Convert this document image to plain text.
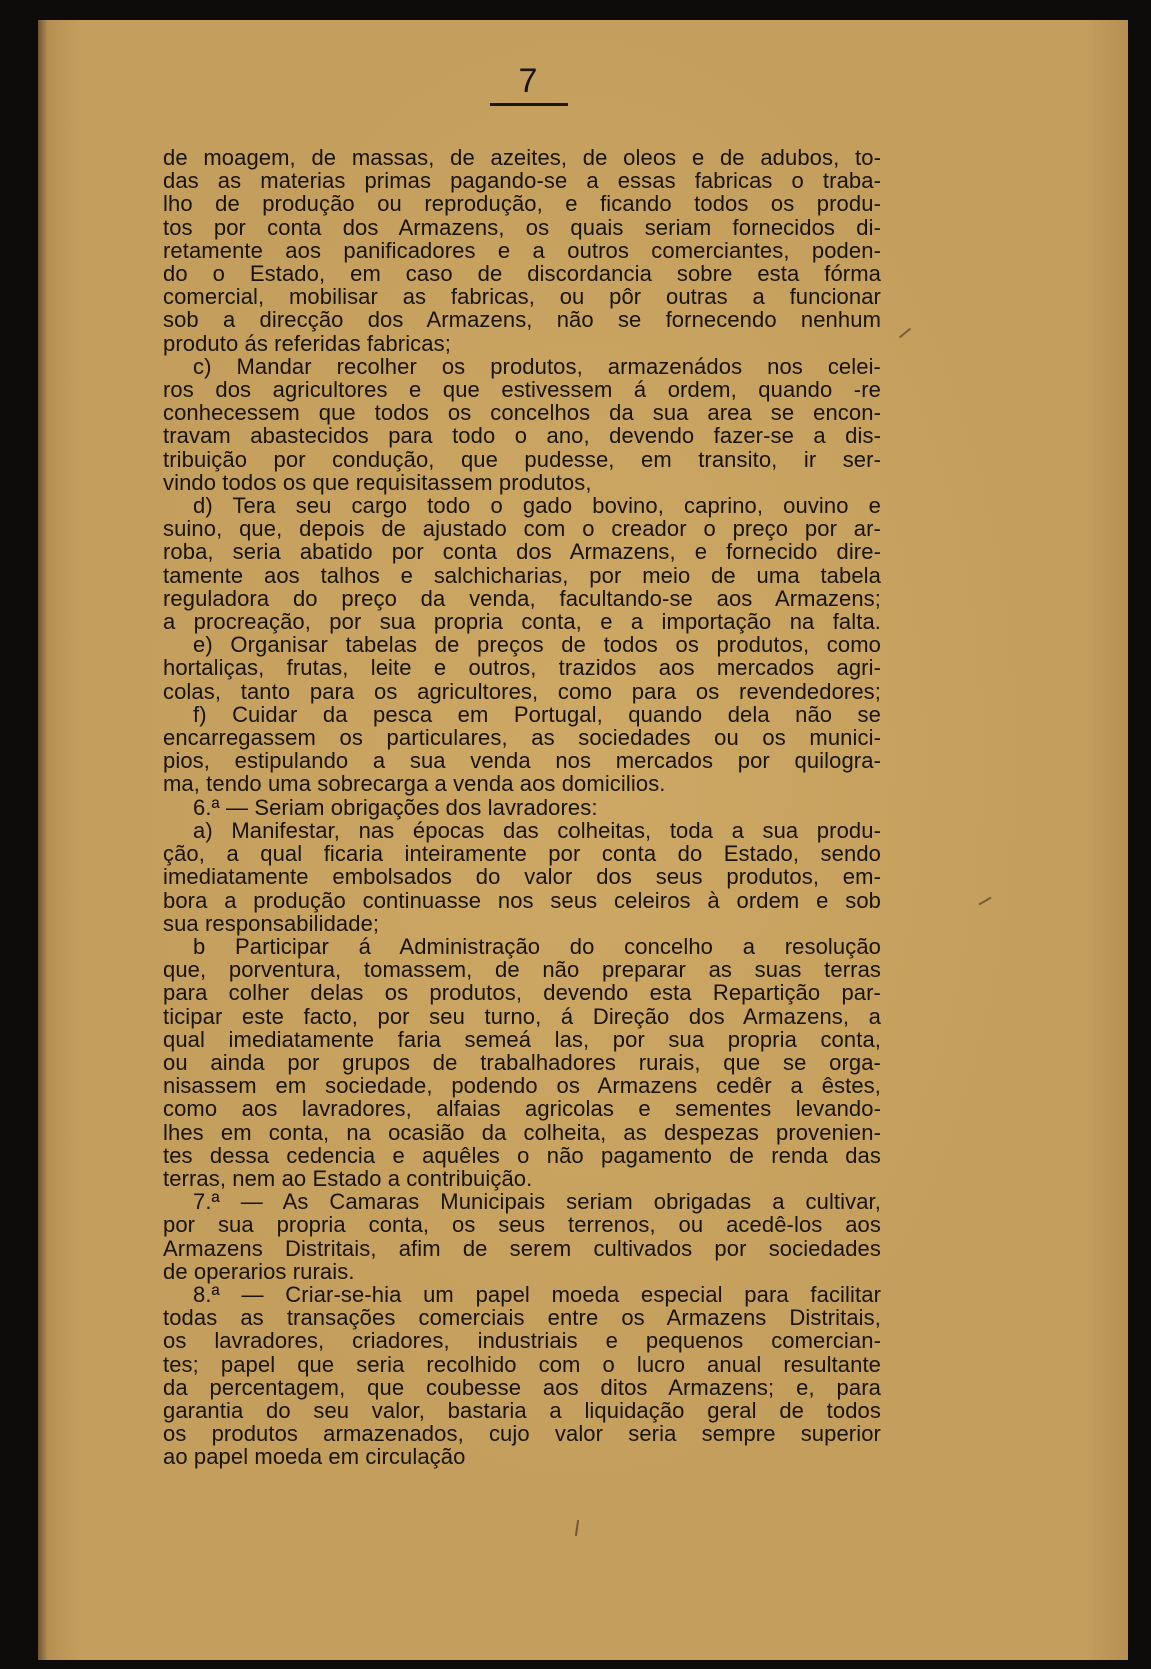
7
de moagem, de massas, de azeites, de oleos e de adubos, to-
das as materias primas pagando-se a essas fabricas o traba-
lho de produção ou reprodução, e ficando todos os produ-
tos por conta dos Armazens, os quais seriam fornecidos di-
retamente aos panificadores e a outros comerciantes, poden-
do o Estado, em caso de discordancia sobre esta fórma
comercial, mobilisar as fabricas, ou pôr outras a funcionar
sob a direcção dos Armazens, não se fornecendo nenhum
produto ás referidas fabricas;
c) Mandar recolher os produtos, armazenádos nos celei-
ros dos agricultores e que estivessem á ordem, quando -re
conhecessem que todos os concelhos da sua area se encon-
travam abastecidos para todo o ano, devendo fazer-se a dis-
tribuição por condução, que pudesse, em transito, ir ser-
vindo todos os que requisitassem produtos,
d) Tera seu cargo todo o gado bovino, caprino, ouvino e
suino, que, depois de ajustado com o creador o preço por ar-
roba, seria abatido por conta dos Armazens, e fornecido dire-
tamente aos talhos e salchicharias, por meio de uma tabela
reguladora do preço da venda, facultando-se aos Armazens;
a procreação, por sua propria conta, e a importação na falta.
e) Organisar tabelas de preços de todos os produtos, como
hortaliças, frutas, leite e outros, trazidos aos mercados agri-
colas, tanto para os agricultores, como para os revendedores;
f) Cuidar da pesca em Portugal, quando dela não se
encarregassem os particulares, as sociedades ou os munici-
pios, estipulando a sua venda nos mercados por quilogra-
ma, tendo uma sobrecarga a venda aos domicilios.
6.ª — Seriam obrigações dos lavradores:
a) Manifestar, nas épocas das colheitas, toda a sua produ-
ção, a qual ficaria inteiramente por conta do Estado, sendo
imediatamente embolsados do valor dos seus produtos, em-
bora a produção continuasse nos seus celeiros à ordem e sob
sua responsabilidade;
b Participar á Administração do concelho a resolução
que, porventura, tomassem, de não preparar as suas terras
para colher delas os produtos, devendo esta Repartição par-
ticipar este facto, por seu turno, á Direção dos Armazens, a
qual imediatamente faria semeá las, por sua propria conta,
ou ainda por grupos de trabalhadores rurais, que se orga-
nisassem em sociedade, podendo os Armazens cedêr a êstes,
como aos lavradores, alfaias agricolas e sementes levando-
lhes em conta, na ocasião da colheita, as despezas provenien-
tes dessa cedencia e aquêles o não pagamento de renda das
terras, nem ao Estado a contribuição.
7.ª — As Camaras Municipais seriam obrigadas a cultivar,
por sua propria conta, os seus terrenos, ou acedê-los aos
Armazens Distritais, afim de serem cultivados por sociedades
de operarios rurais.
8.ª — Criar-se-hia um papel moeda especial para facilitar
todas as transações comerciais entre os Armazens Distritais,
os lavradores, criadores, industriais e pequenos comercian-
tes; papel que seria recolhido com o lucro anual resultante
da percentagem, que coubesse aos ditos Armazens; e, para
garantia do seu valor, bastaria a liquidação geral de todos
os produtos armazenados, cujo valor seria sempre superior
ao papel moeda em circulação
